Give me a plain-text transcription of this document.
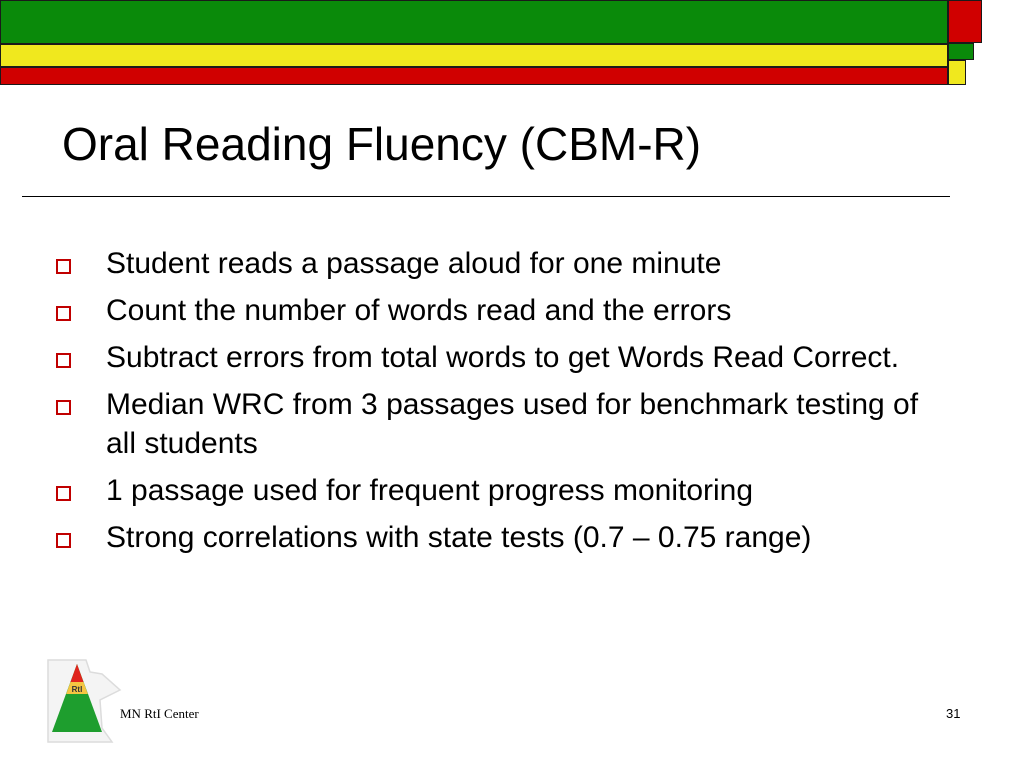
Oral Reading Fluency (CBM-R)
Student reads a passage aloud for one minute
Count the number of words read and the errors
Subtract errors from total words to get Words Read Correct.
Median WRC from 3 passages used for benchmark testing of all students
1 passage used for frequent progress monitoring
Strong correlations with state tests (0.7 – 0.75 range)
RtI
MN RtI Center	31
